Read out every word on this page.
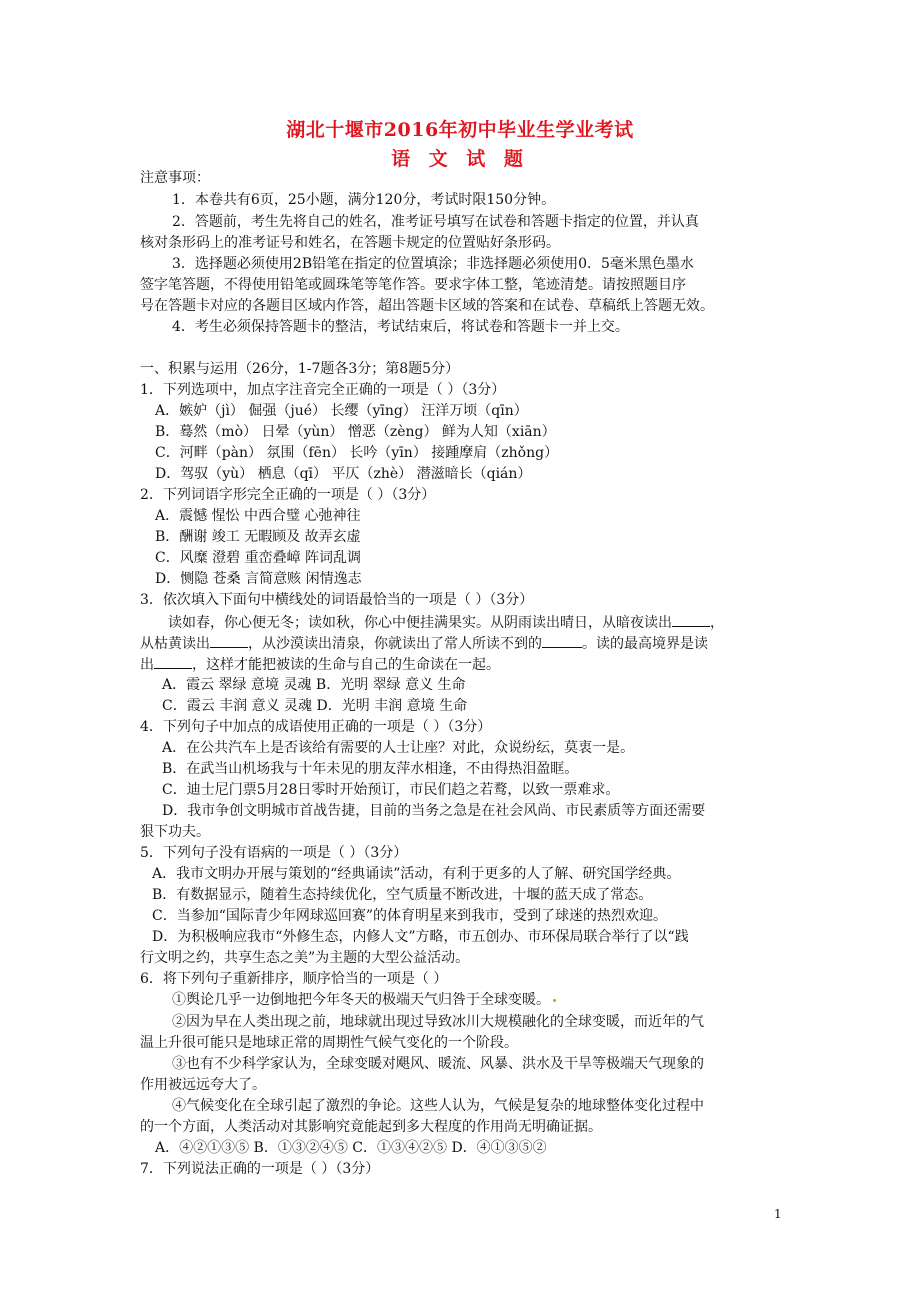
湖北十堰市2016年初中毕业生学业考试
语 文 试 题
注意事项：
1．本卷共有6页，25小题，满分120分，考试时限150分钟。
2．答题前，考生先将自己的姓名，准考证号填写在试卷和答题卡指定的位置，并认真
核对条形码上的准考证号和姓名，在答题卡规定的位置贴好条形码。
3．选择题必须使用2B铅笔在指定的位置填涂；非选择题必须使用0．5毫米黑色墨水
签字笔答题，不得使用铅笔或圆珠笔等笔作答。要求字体工整，笔迹清楚。请按照题目序
号在答题卡对应的各题目区域内作答，超出答题卡区域的答案和在试卷、草稿纸上答题无效。
4．考生必须保持答题卡的整洁，考试结束后，将试卷和答题卡一并上交。
一、积累与运用（26分，1-7题各3分；第8题5分）
1．下列选项中，加点字注音完全正确的一项是（ ）（3分）
A．嫉妒（jì） 倔强（jué） 长缨（yīng） 汪洋万顷（qīn）
B．蓦然（mò） 日晕（yùn） 憎恶（zèng） 鲜为人知（xiān）
C．河畔（pàn） 氛围（fēn） 长吟（yīn） 接踵摩肩（zhǒng）
D．驾驭（yù） 栖息（qī） 平仄（zhè） 潜滋暗长（qián）
2．下列词语字形完全正确的一项是（ ）（3分）
A．震憾 惺忪 中西合璧 心弛神往
B．酬谢 竣工 无暇顾及 故弄玄虚
C．风糜 澄碧 重峦叠嶂 阵词乱调
D．恻隐 苍桑 言简意赅 闲情逸志
3．依次填入下面句中横线处的词语最恰当的一项是（ ）（3分）
读如春，你心便无冬；读如秋，你心中便挂满果实。从阴雨读出晴日，从暗夜读出	，
从枯黄读出	，从沙漠读出清泉，你就读出了常人所读不到的	。读的最高境界是读
出	，这样才能把被读的生命与自己的生命读在一起。
A．霞云 翠绿 意境 灵魂 B．光明 翠绿 意义 生命
C．霞云 丰润 意义 灵魂 D．光明 丰润 意境 生命
4．下列句子中加点的成语使用正确的一项是（ ）（3分）
A．在公共汽车上是否该给有需要的人士让座？对此，众说纷纭，莫衷一是。
B．在武当山机场我与十年未见的朋友萍水相逢，不由得热泪盈眶。
C．迪士尼门票5月28日零时开始预订，市民们趋之若鹜，以致一票难求。
D．我市争创文明城市首战告捷，目前的当务之急是在社会风尚、市民素质等方面还需要
狠下功夫。
5．下列句子没有语病的一项是（ ）（3分）
A．我市文明办开展与策划的“经典诵读”活动，有利于更多的人了解、研究国学经典。
B．有数据显示，随着生态持续优化，空气质量不断改进，十堰的蓝天成了常态。
C．当参加“国际青少年网球巡回赛”的体育明星来到我市，受到了球迷的热烈欢迎。
D．为积极响应我市“外修生态，内修人文”方略，市五创办、市环保局联合举行了以“践
行文明之约，共享生态之美”为主题的大型公益活动。
6．将下列句子重新排序，顺序恰当的一项是（ ）
①舆论几乎一边倒地把今年冬天的极端天气归咎于全球变暖。
②因为早在人类出现之前，地球就出现过导致冰川大规模融化的全球变暖，而近年的气
温上升很可能只是地球正常的周期性气候气变化的一个阶段。
③也有不少科学家认为，全球变暖对飓风、暖流、风暴、洪水及干旱等极端天气现象的
作用被远远夸大了。
④气候变化在全球引起了激烈的争论。这些人认为，气候是复杂的地球整体变化过程中
的一个方面，人类活动对其影响究竟能起到多大程度的作用尚无明确证据。
A．④②①③⑤ B．①③②④⑤ C．①③④②⑤ D．④①③⑤②
7．下列说法正确的一项是（ ）（3分）
1
